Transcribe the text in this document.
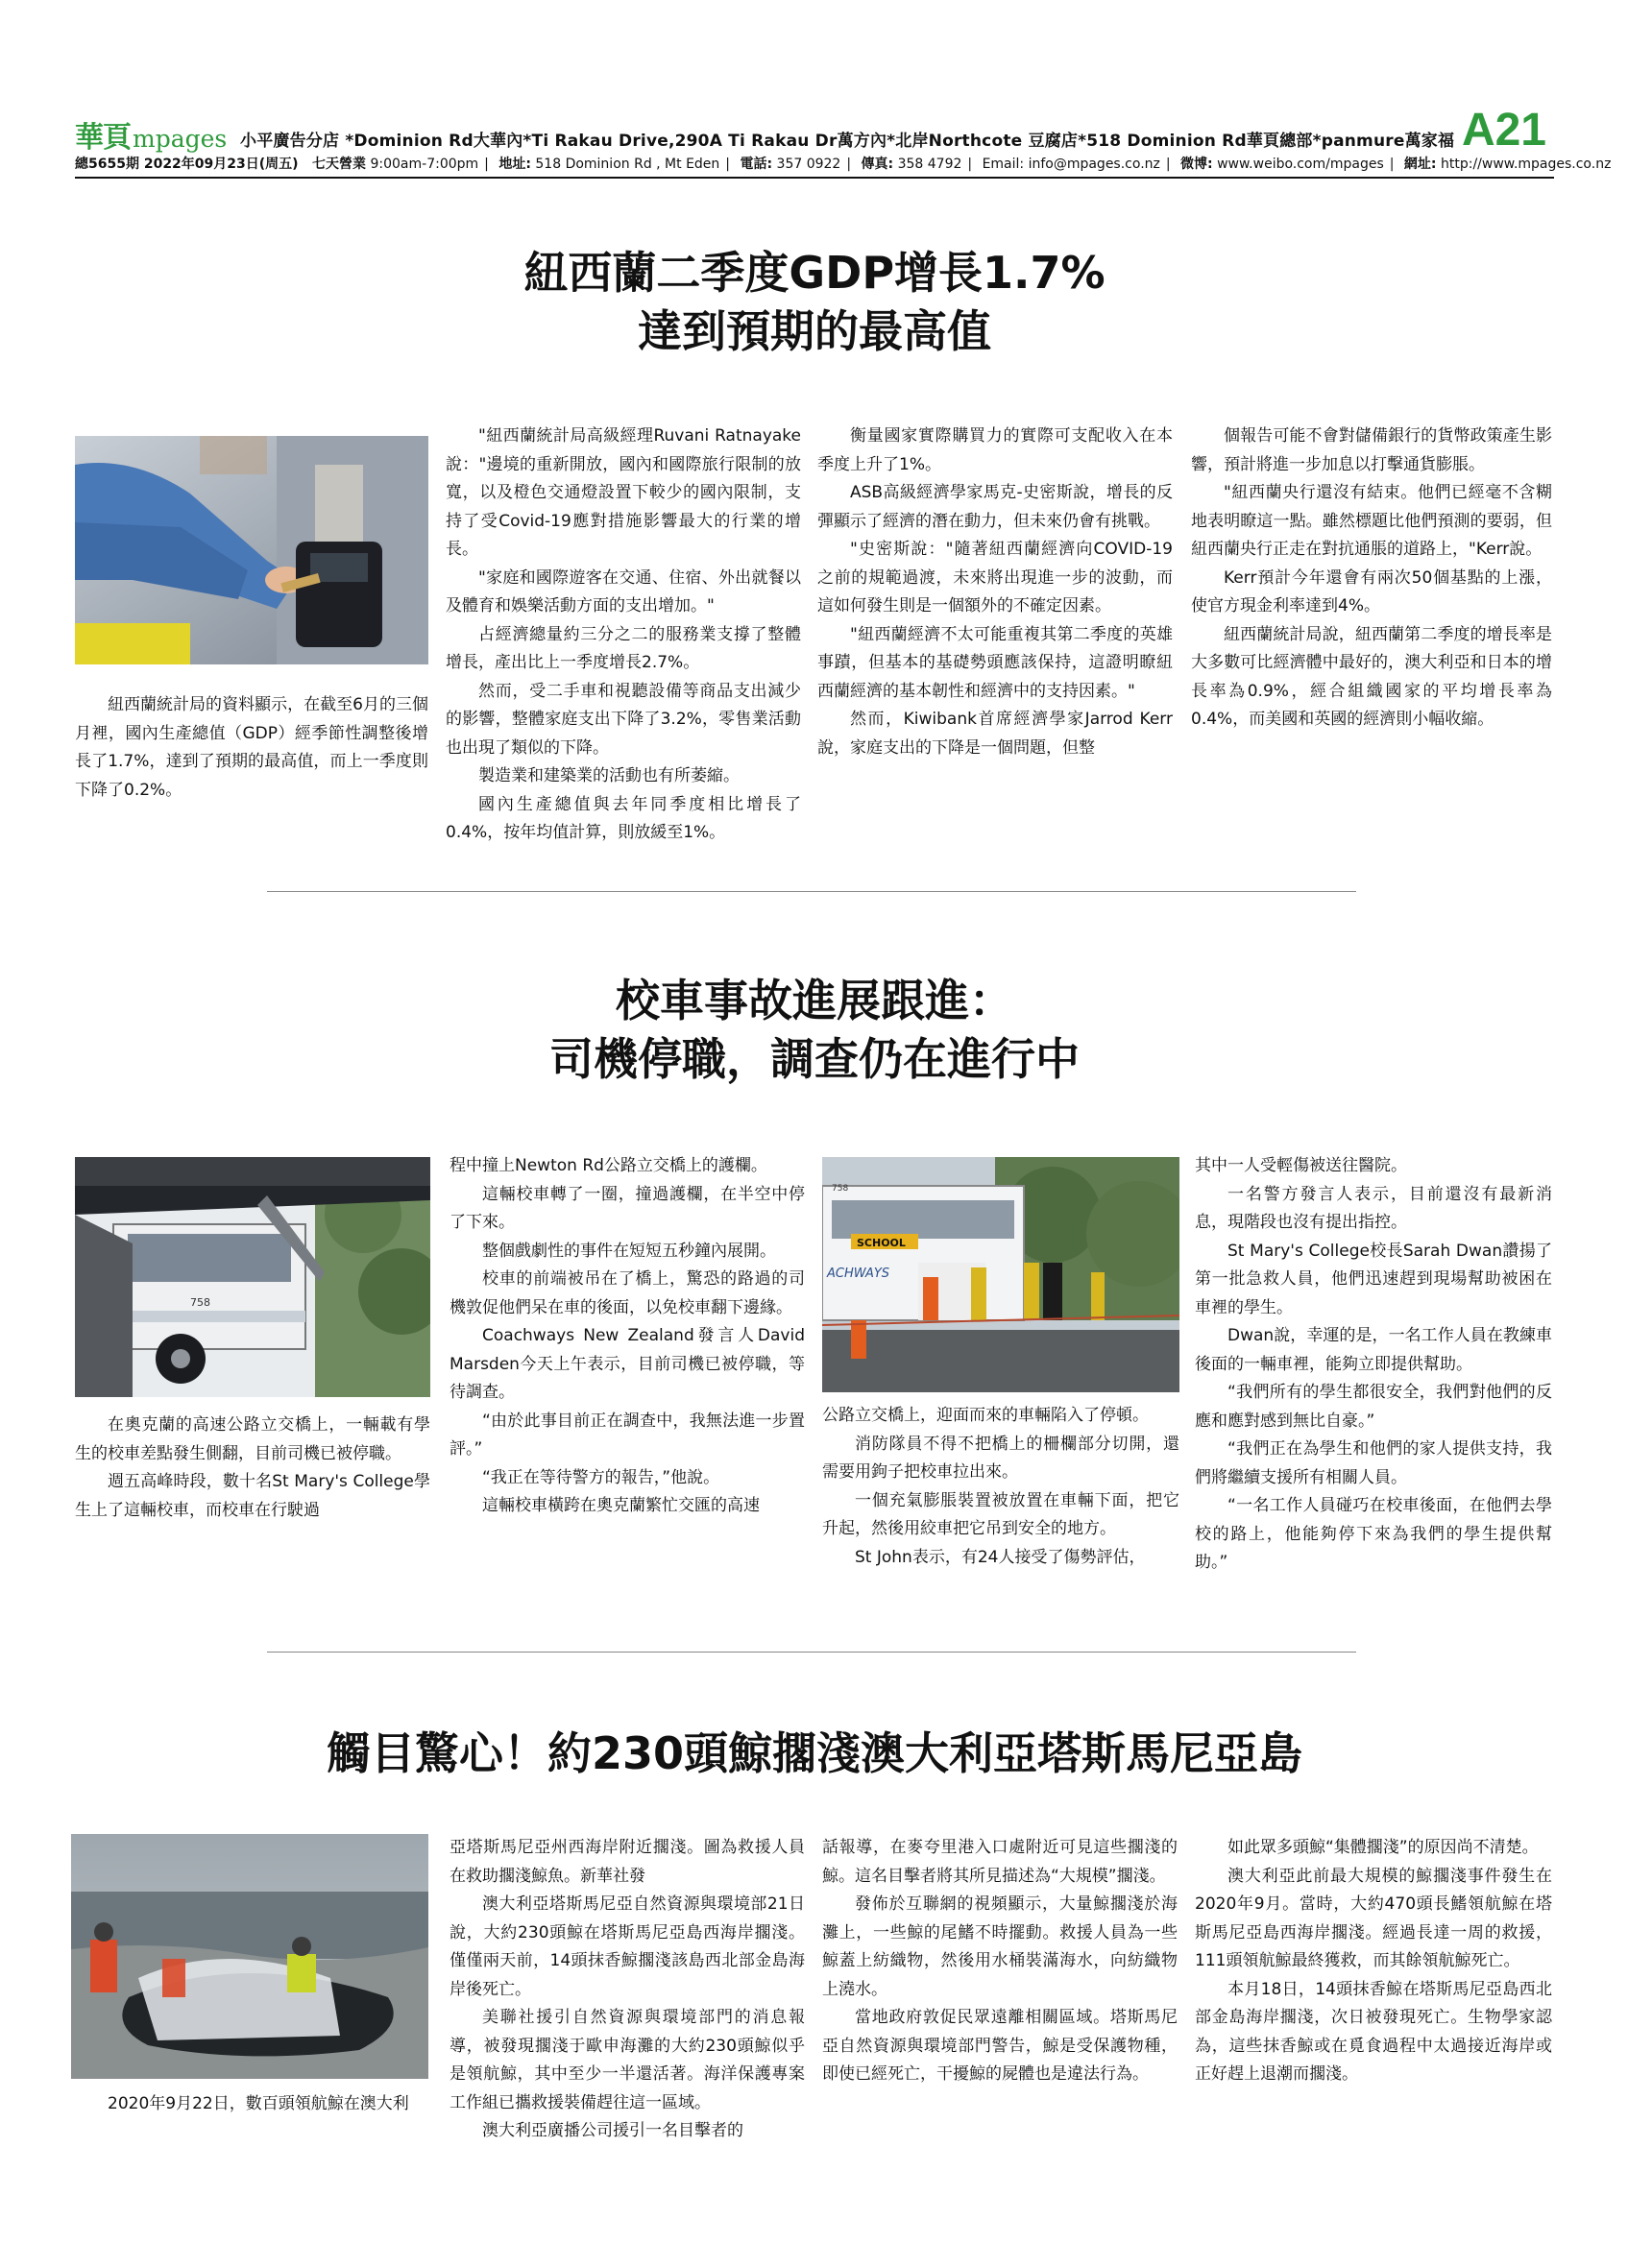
華頁 mpages 小平廣告分店 *Dominion Rd大華內*Ti Rakau Drive,290A Ti Rakau Dr萬方內*北岸Northcote 豆腐店*518 Dominion Rd華頁總部*panmure萬家福 A21
總5655期 2022年09月23日(周五) 七天營業 9:00am-7:00pm | 地址: 518 Dominion Rd , Mt Eden | 電話: 357 0922 | 傳真: 358 4792 | Email: info@mpages.co.nz | 微博: www.weibo.com/mpages | 網址: http://www.mpages.co.nz
紐西蘭二季度GDP增長1.7%
達到預期的最高值

紐西蘭統計局的資料顯示，在截至6月的三個月裡，國內生產總值（GDP）經季節性調整後增長了1.7%，達到了預期的最高值，而上一季度則下降了0.2%。

"紐西蘭統計局高級經理Ruvani Ratnayake說："邊境的重新開放，國內和國際旅行限制的放寬，以及橙色交通燈設置下較少的國內限制，支持了受Covid-19應對措施影響最大的行業的增長。

"家庭和國際遊客在交通、住宿、外出就餐以及體育和娛樂活動方面的支出增加。"

占經濟總量約三分之二的服務業支撐了整體增長，產出比上一季度增長2.7%。

然而，受二手車和視聽設備等商品支出減少的影響，整體家庭支出下降了3.2%，零售業活動也出現了類似的下降。

製造業和建築業的活動也有所萎縮。

國內生產總值與去年同季度相比增長了0.4%，按年均值計算，則放緩至1%。

衡量國家實際購買力的實際可支配收入在本季度上升了1%。

ASB高級經濟學家馬克-史密斯說，增長的反彈顯示了經濟的潛在動力，但未來仍會有挑戰。

"史密斯說："隨著紐西蘭經濟向COVID-19之前的規範過渡，未來將出現進一步的波動，而這如何發生則是一個額外的不確定因素。

"紐西蘭經濟不太可能重複其第二季度的英雄事蹟，但基本的基礎勢頭應該保持，這證明瞭紐西蘭經濟的基本韌性和經濟中的支持因素。"

然而，Kiwibank首席經濟學家Jarrod Kerr說，家庭支出的下降是一個問題，但整

個報告可能不會對儲備銀行的貨幣政策產生影響，預計將進一步加息以打擊通貨膨脹。

"紐西蘭央行還沒有結束。他們已經毫不含糊地表明瞭這一點。雖然標題比他們預測的要弱，但紐西蘭央行正走在對抗通脹的道路上，"Kerr說。

Kerr預計今年還會有兩次50個基點的上漲，使官方現金利率達到4%。

紐西蘭統計局說，紐西蘭第二季度的增長率是大多數可比經濟體中最好的，澳大利亞和日本的增長率為0.9%，經合組織國家的平均增長率為0.4%，而美國和英國的經濟則小幅收縮。

校車事故進展跟進：
司機停職，調查仍在進行中
758

在奧克蘭的高速公路立交橋上，一輛載有學生的校車差點發生側翻，目前司機已被停職。

週五高峰時段，數十名St Mary's College學生上了這輛校車，而校車在行駛過

程中撞上Newton Rd公路立交橋上的護欄。

這輛校車轉了一圈，撞過護欄，在半空中停了下來。

整個戲劇性的事件在短短五秒鐘內展開。

校車的前端被吊在了橋上，驚恐的路過的司機敦促他們呆在車的後面，以免校車翻下邊緣。

Coachways New Zealand發言人David Marsden今天上午表示，目前司機已被停職，等待調查。

“由於此事目前正在調查中，我無法進一步置評。”

“我正在等待警方的報告，”他說。

這輛校車橫跨在奧克蘭繁忙交匯的高速

SCHOOL
758
ACHWAYS

公路立交橋上，迎面而來的車輛陷入了停頓。

消防隊員不得不把橋上的柵欄部分切開，還需要用鉤子把校車拉出來。

一個充氣膨脹裝置被放置在車輛下面，把它升起，然後用絞車把它吊到安全的地方。

St John表示，有24人接受了傷勢評估，

其中一人受輕傷被送往醫院。

一名警方發言人表示，目前還沒有最新消息，現階段也沒有提出指控。

St Mary's College校長Sarah Dwan讚揚了第一批急救人員，他們迅速趕到現場幫助被困在車裡的學生。

Dwan說，幸運的是，一名工作人員在教練車後面的一輛車裡，能夠立即提供幫助。

“我們所有的學生都很安全，我們對他們的反應和應對感到無比自豪。”

“我們正在為學生和他們的家人提供支持，我們將繼續支援所有相關人員。

“一名工作人員碰巧在校車後面，在他們去學校的路上，他能夠停下來為我們的學生提供幫助。”

觸目驚心！約230頭鯨擱淺澳大利亞塔斯馬尼亞島

2020年9月22日，數百頭領航鯨在澳大利

亞塔斯馬尼亞州西海岸附近擱淺。圖為救援人員在救助擱淺鯨魚。新華社發

澳大利亞塔斯馬尼亞自然資源與環境部21日說，大約230頭鯨在塔斯馬尼亞島西海岸擱淺。僅僅兩天前，14頭抹香鯨擱淺該島西北部金島海岸後死亡。

美聯社援引自然資源與環境部門的消息報導，被發現擱淺于歐申海灘的大約230頭鯨似乎是領航鯨，其中至少一半還活著。海洋保護專案工作組已攜救援裝備趕往這一區域。

澳大利亞廣播公司援引一名目擊者的

話報導，在麥夸里港入口處附近可見這些擱淺的鯨。這名目擊者將其所見描述為“大規模”擱淺。

發佈於互聯網的視頻顯示，大量鯨擱淺於海灘上，一些鯨的尾鰭不時擺動。救援人員為一些鯨蓋上紡織物，然後用水桶裝滿海水，向紡織物上澆水。

當地政府敦促民眾遠離相關區域。塔斯馬尼亞自然資源與環境部門警告，鯨是受保護物種，即使已經死亡，干擾鯨的屍體也是違法行為。

如此眾多頭鯨“集體擱淺”的原因尚不清楚。

澳大利亞此前最大規模的鯨擱淺事件發生在2020年9月。當時，大約470頭長鰭領航鯨在塔斯馬尼亞島西海岸擱淺。經過長達一周的救援，111頭領航鯨最終獲救，而其餘領航鯨死亡。

本月18日，14頭抹香鯨在塔斯馬尼亞島西北部金島海岸擱淺，次日被發現死亡。生物學家認為，這些抹香鯨或在覓食過程中太過接近海岸或正好趕上退潮而擱淺。
